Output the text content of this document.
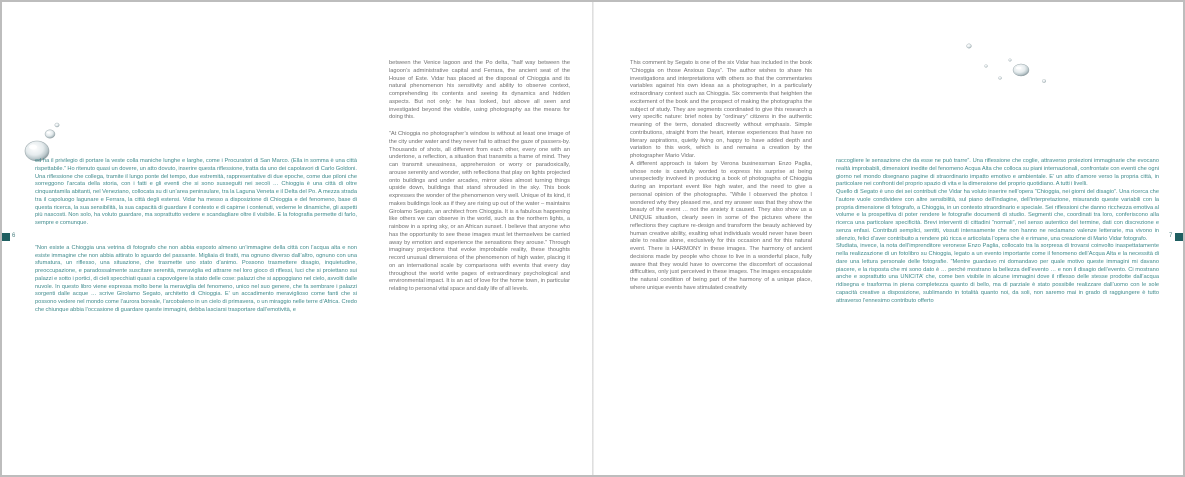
6

ed ha il privilegio di portare la veste colla maniche lunghe e larghe, come i Procuratori di San Marco. (Ella in somma è una città rispettabile.” Ho ritenuto quasi un dovere, un atto dovuto, inserire questa riflessione, tratta da uno dei capolavori di Carlo Goldoni. Una riflessione che collega, tramite il lungo ponte del tempo, due estremità, rappresentative di due epoche, come due piloni che sorreggono l’arcata della storia, con i fatti e gli eventi che si sono susseguiti nei secoli … Chioggia è una città di oltre cinquantamila abitanti, nel Veneziano, collocata su di un’area peninsulare, tra la Laguna Veneta e il Delta del Po. A mezza strada tra il capoluogo lagunare e Ferrara, la città degli estensi. Vidar ha messo a disposizione di Chioggia e del fenomeno, base di questa ricerca, la sua sensibilità, la sua capacità di guardare il contesto e di capirne i contenuti, vederne le dinamiche, gli aspetti più nascosti. Non solo, ha voluto guardare, ma soprattutto vedere e scandagliare oltre il visibile. E la fotografia permette di farlo, sempre e comunque.

“Non esiste a Chioggia una vetrina di fotografo che non abbia esposto almeno un’immagine della città con l’acqua alta e non esiste immagine che non abbia attirato lo sguardo del passante. Migliaia di tiratti, ma ognuno diverso dall’altro, ognuno con una sfumatura, un riflesso, una situazione, che trasmette uno stato d’animo. Possono trasmettere disagio, inquietudine, preoccupazione, e paradossalmente suscitare serenità, meraviglia ed attrarre nel loro gioco di riflessi, luci che si proiettano sui palazzi e sotto i portici, di cieli specchiati quasi a capovolgere la stato delle cose: palazzi che si appoggiano nel cielo, avvolti dalle nuvole. In questo libro viene espressa molto bene la meraviglia del fenomeno, unico nel suo genere, che fa sembrare i palazzi sorgenti dalle acque … scrive Girolamo Segato, architetto di Chioggia. E’ un accadimento meraviglioso come fanti che si possono vedere nel mondo come l’aurora boreale, l’arcobaleno in un cielo di primavera, o un miraggio nelle terre d’Africa. Credo che chiunque abbia l’occasione di guardare queste immagini, debba lasciarsi trasportare dall’emotività, e

between the Venice lagoon and the Po delta, “half way between the lagoon’s administrative capital and Ferrara, the ancient seat of the House of Este. Vidar has placed at the disposal of Chioggia and its natural phenomenon his sensitivity and ability to observe context, comprehending its contents and seeing its dynamics and hidden aspects. But not only: he has looked, but above all seen and investigated beyond the visible, using photography as the means for doing this.

“At Chioggia no photographer’s window is without at least one image of the city under water and they never fail to attract the gaze of passers-by. Thousands of shots, all different from each other, every one with an undertone, a reflection, a situation that transmits a frame of mind. They can transmit uneasiness, apprehension or worry or paradoxically, arouse serenity and wonder, with reflections that play on lights projected onto buildings and under arcades, mirror skies almost turning things upside down, buildings that stand shrouded in the sky. This book expresses the wonder of the phenomenon very well. Unique of its kind, it makes buildings look as if they are rising up out of the water – maintains Girolamo Segato, an architect from Chioggia. It is a fabulous happening like others we can observe in the world, such as the northern lights, a rainbow in a spring sky, or an African sunset. I believe that anyone who has the opportunity to see these images must let themselves be carried away by emotion and experience the sensations they arouse.” Through imaginary projections that evoke improbable reality, these thoughts record unusual dimensions of the phenomenon of high water, placing it on an international scale by comparisons with events that every day throughout the world write pages of extraordinary psychological and environmental impact. It is an act of love for the home town, in particular relating to personal vital space and daily life of all levels.

This comment by Segato is one of the six Vidar has included in the book “Chioggia on those Anxious Days”. The author wishes to share his investigations and interpretations with others so that the commentaries variables against his own ideas as a photographer, in a particularly extraordinary context such as Chioggia. Six comments that heighten the excitement of the book and the prospect of making the photographs the subject of study. They are segments coordinated to give this research a very specific nature: brief notes by “ordinary” citizens in the authentic meaning of the term, donated discreetly without emphasis. Simple contributions, straight from the heart, intense experiences that have no literary aspirations, quietly living on, happy to have added depth and variation to this work, which is and remains a creation by the photographer Mario Vidar.

A different approach is taken by Verona businessman Enzo Paglia, whose note is carefully worded to express his surprise at being unexpectedly involved in producing a book of photographs of Chioggia during an important event like high water, and the need to give a personal opinion of the photographs. “While I observed the photos I wondered why they pleased me, and my answer was that they show the beauty of the event … not the anxiety it caused. They also show us a UNIQUE situation, clearly seen in some of the pictures where the reflections they capture re-design and transform the beauty achieved by human creative ability, exalting what individuals would never have been able to realise alone, exclusively for this occasion and for this natural event. There is HARMONY in these images. The harmony of ancient decisions made by people who chose to live in a wonderful place, fully aware that they would have to overcome the discomfort of occasional difficulties, only just perceived in these images. The images encapsulate the natural condition of being part of the harmony of a unique place, where unique events have stimulated creativity

raccogliere le sensazione che da esse ne può trarre”. Una riflessione che coglie, attraverso proiezioni immaginarie che evocano realtà improbabili, dimensioni inedite del fenomeno Acqua Alta che colloca su piani internazionali, confrontate con eventi che ogni giorno nel mondo disegnano pagine di straordinario impatto emotivo e ambientale. E’ un atto d’amore verso la propria città, in particolare nei confronti del proprio spazio di vita e la dimensione del proprio quotidiano. A tutti i livelli.

Quello di Segato è uno dei sei contributi che Vidar ha voluto inserire nell’opera “Chioggia, nei giorni del disagio”. Una ricerca che l’autore vuole condividere con altre sensibilità, sul piano dell’indagine, dell’interpretazione, misurando queste variabili con la propria dimensione di fotografo, a Chioggia, in un contesto straordinario e speciale. Sei riflessioni che danno ricchezza emotiva al volume e la prospettiva di poter rendere le fotografie documenti di studio. Segmenti che, coordinati tra loro, conferiscono alla ricerca una particolare specificità. Brevi interventi di cittadini “normali”, nel senso autentico del termine, dati con discrezione e senza enfasi. Contributi semplici, sentiti, vissuti intensamente che non hanno ne reclamano valenze letterarie, ma vivono in silenzio, felici d’aver contribuito a rendere più ricca e articolata l’opera che è e rimane, una creazione di Mario Vidar fotografo.

Sfudiata, invece, la nota dell’imprenditore veronese Enzo Paglia, collocato tra la sorpresa di trovarsi coinvolto inaspettatamente nella realizzazione di un fotolibro su Chioggia, legato a un evento importante come il fenomeno dell’Acqua Alta e la necessità di dare una lettura personale delle fotografie. “Mentre guardavo mi domandavo per quale motivo queste immagini mi davano piacere, e la risposta che mi sono dato è … perché mostrano la bellezza dell’evento … e non il disagio dell’evento. Ci mostrano anche e soprattutto una UNICITA’ che, come ben visibile in alcune immagini dove il riflesso delle stesse prodotte dall’acqua ridisegna e trasforma in piena completezza quanto di bello, ma di parziale è stato possibile realizzare dall’uomo con le sole capacità creative a disposizione, sublimando in totalità quanto noi, da soli, non saremo mai in grado di raggiungere è tutto attraverso l’ennesimo contributo offerto

7
